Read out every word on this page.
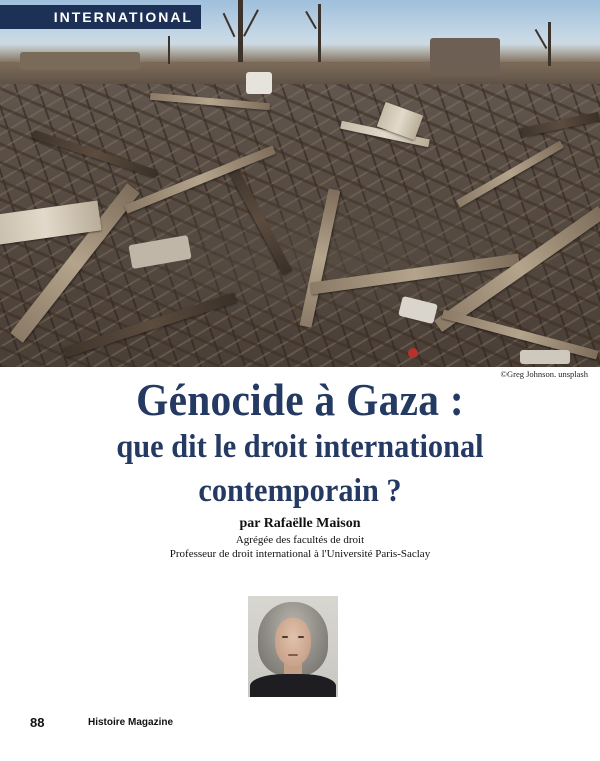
INTERNATIONAL
©Greg Johnson. unsplash
Génocide à Gaza :
que dit le droit international
contemporain ?
par Rafaëlle Maison
Agrégée des facultés de droit
Professeur de droit international à l'Université Paris-Saclay
88	Histoire Magazine
